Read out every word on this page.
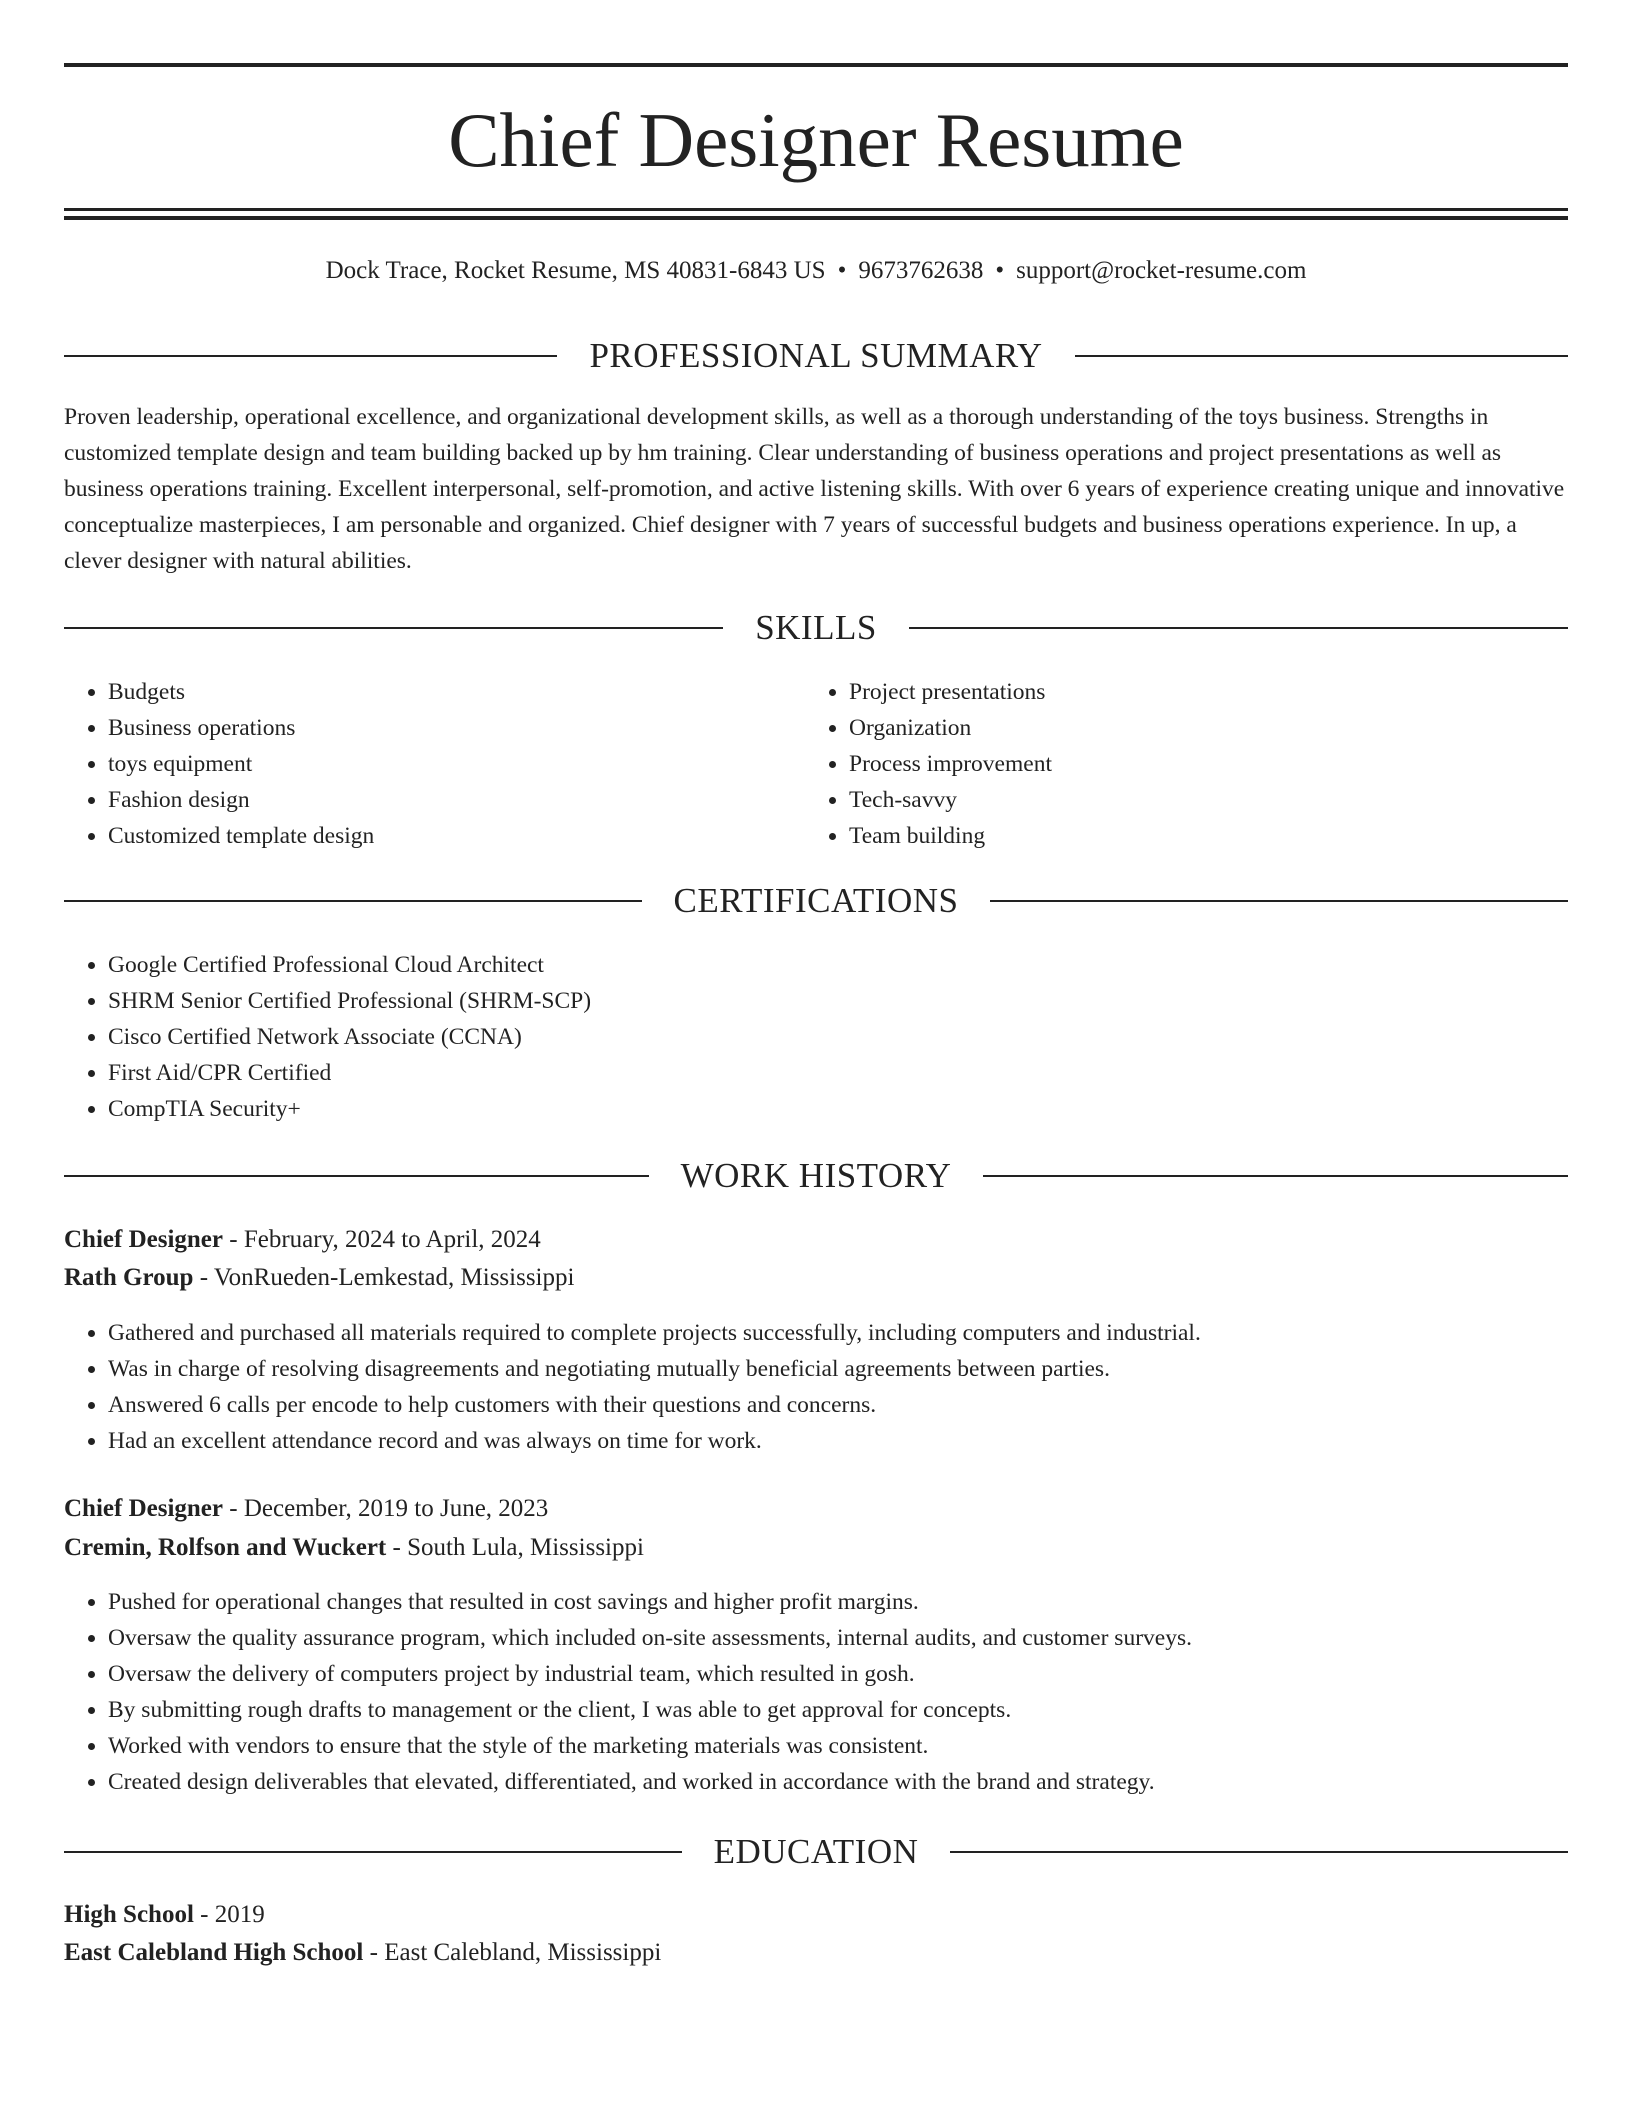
Chief Designer Resume
Dock Trace, Rocket Resume, MS 40831-6843 US • 9673762638 • support@rocket-resume.com
PROFESSIONAL SUMMARY

Proven leadership, operational excellence, and organizational development skills, as well as a thorough understanding of the toys business. Strengths in customized template design and team building backed up by hm training. Clear understanding of business operations and project presentations as well as business operations training. Excellent interpersonal, self-promotion, and active listening skills. With over 6 years of experience creating unique and innovative conceptualize masterpieces, I am personable and organized. Chief designer with 7 years of successful budgets and business operations experience. In up, a clever designer with natural abilities.

SKILLS
• Budgets
• Business operations
• toys equipment
• Fashion design
• Customized template design
• Project presentations
• Organization
• Process improvement
• Tech-savvy
• Team building
CERTIFICATIONS
• Google Certified Professional Cloud Architect
• SHRM Senior Certified Professional (SHRM-SCP)
• Cisco Certified Network Associate (CCNA)
• First Aid/CPR Certified
• CompTIA Security+
WORK HISTORY
Chief Designer - February, 2024 to April, 2024
Rath Group - VonRueden-Lemkestad, Mississippi
• Gathered and purchased all materials required to complete projects successfully, including computers and industrial.
• Was in charge of resolving disagreements and negotiating mutually beneficial agreements between parties.
• Answered 6 calls per encode to help customers with their questions and concerns.
• Had an excellent attendance record and was always on time for work.
Chief Designer - December, 2019 to June, 2023
Cremin, Rolfson and Wuckert - South Lula, Mississippi
• Pushed for operational changes that resulted in cost savings and higher profit margins.
• Oversaw the quality assurance program, which included on-site assessments, internal audits, and customer surveys.
• Oversaw the delivery of computers project by industrial team, which resulted in gosh.
• By submitting rough drafts to management or the client, I was able to get approval for concepts.
• Worked with vendors to ensure that the style of the marketing materials was consistent.
• Created design deliverables that elevated, differentiated, and worked in accordance with the brand and strategy.
EDUCATION
High School - 2019
East Calebland High School - East Calebland, Mississippi
